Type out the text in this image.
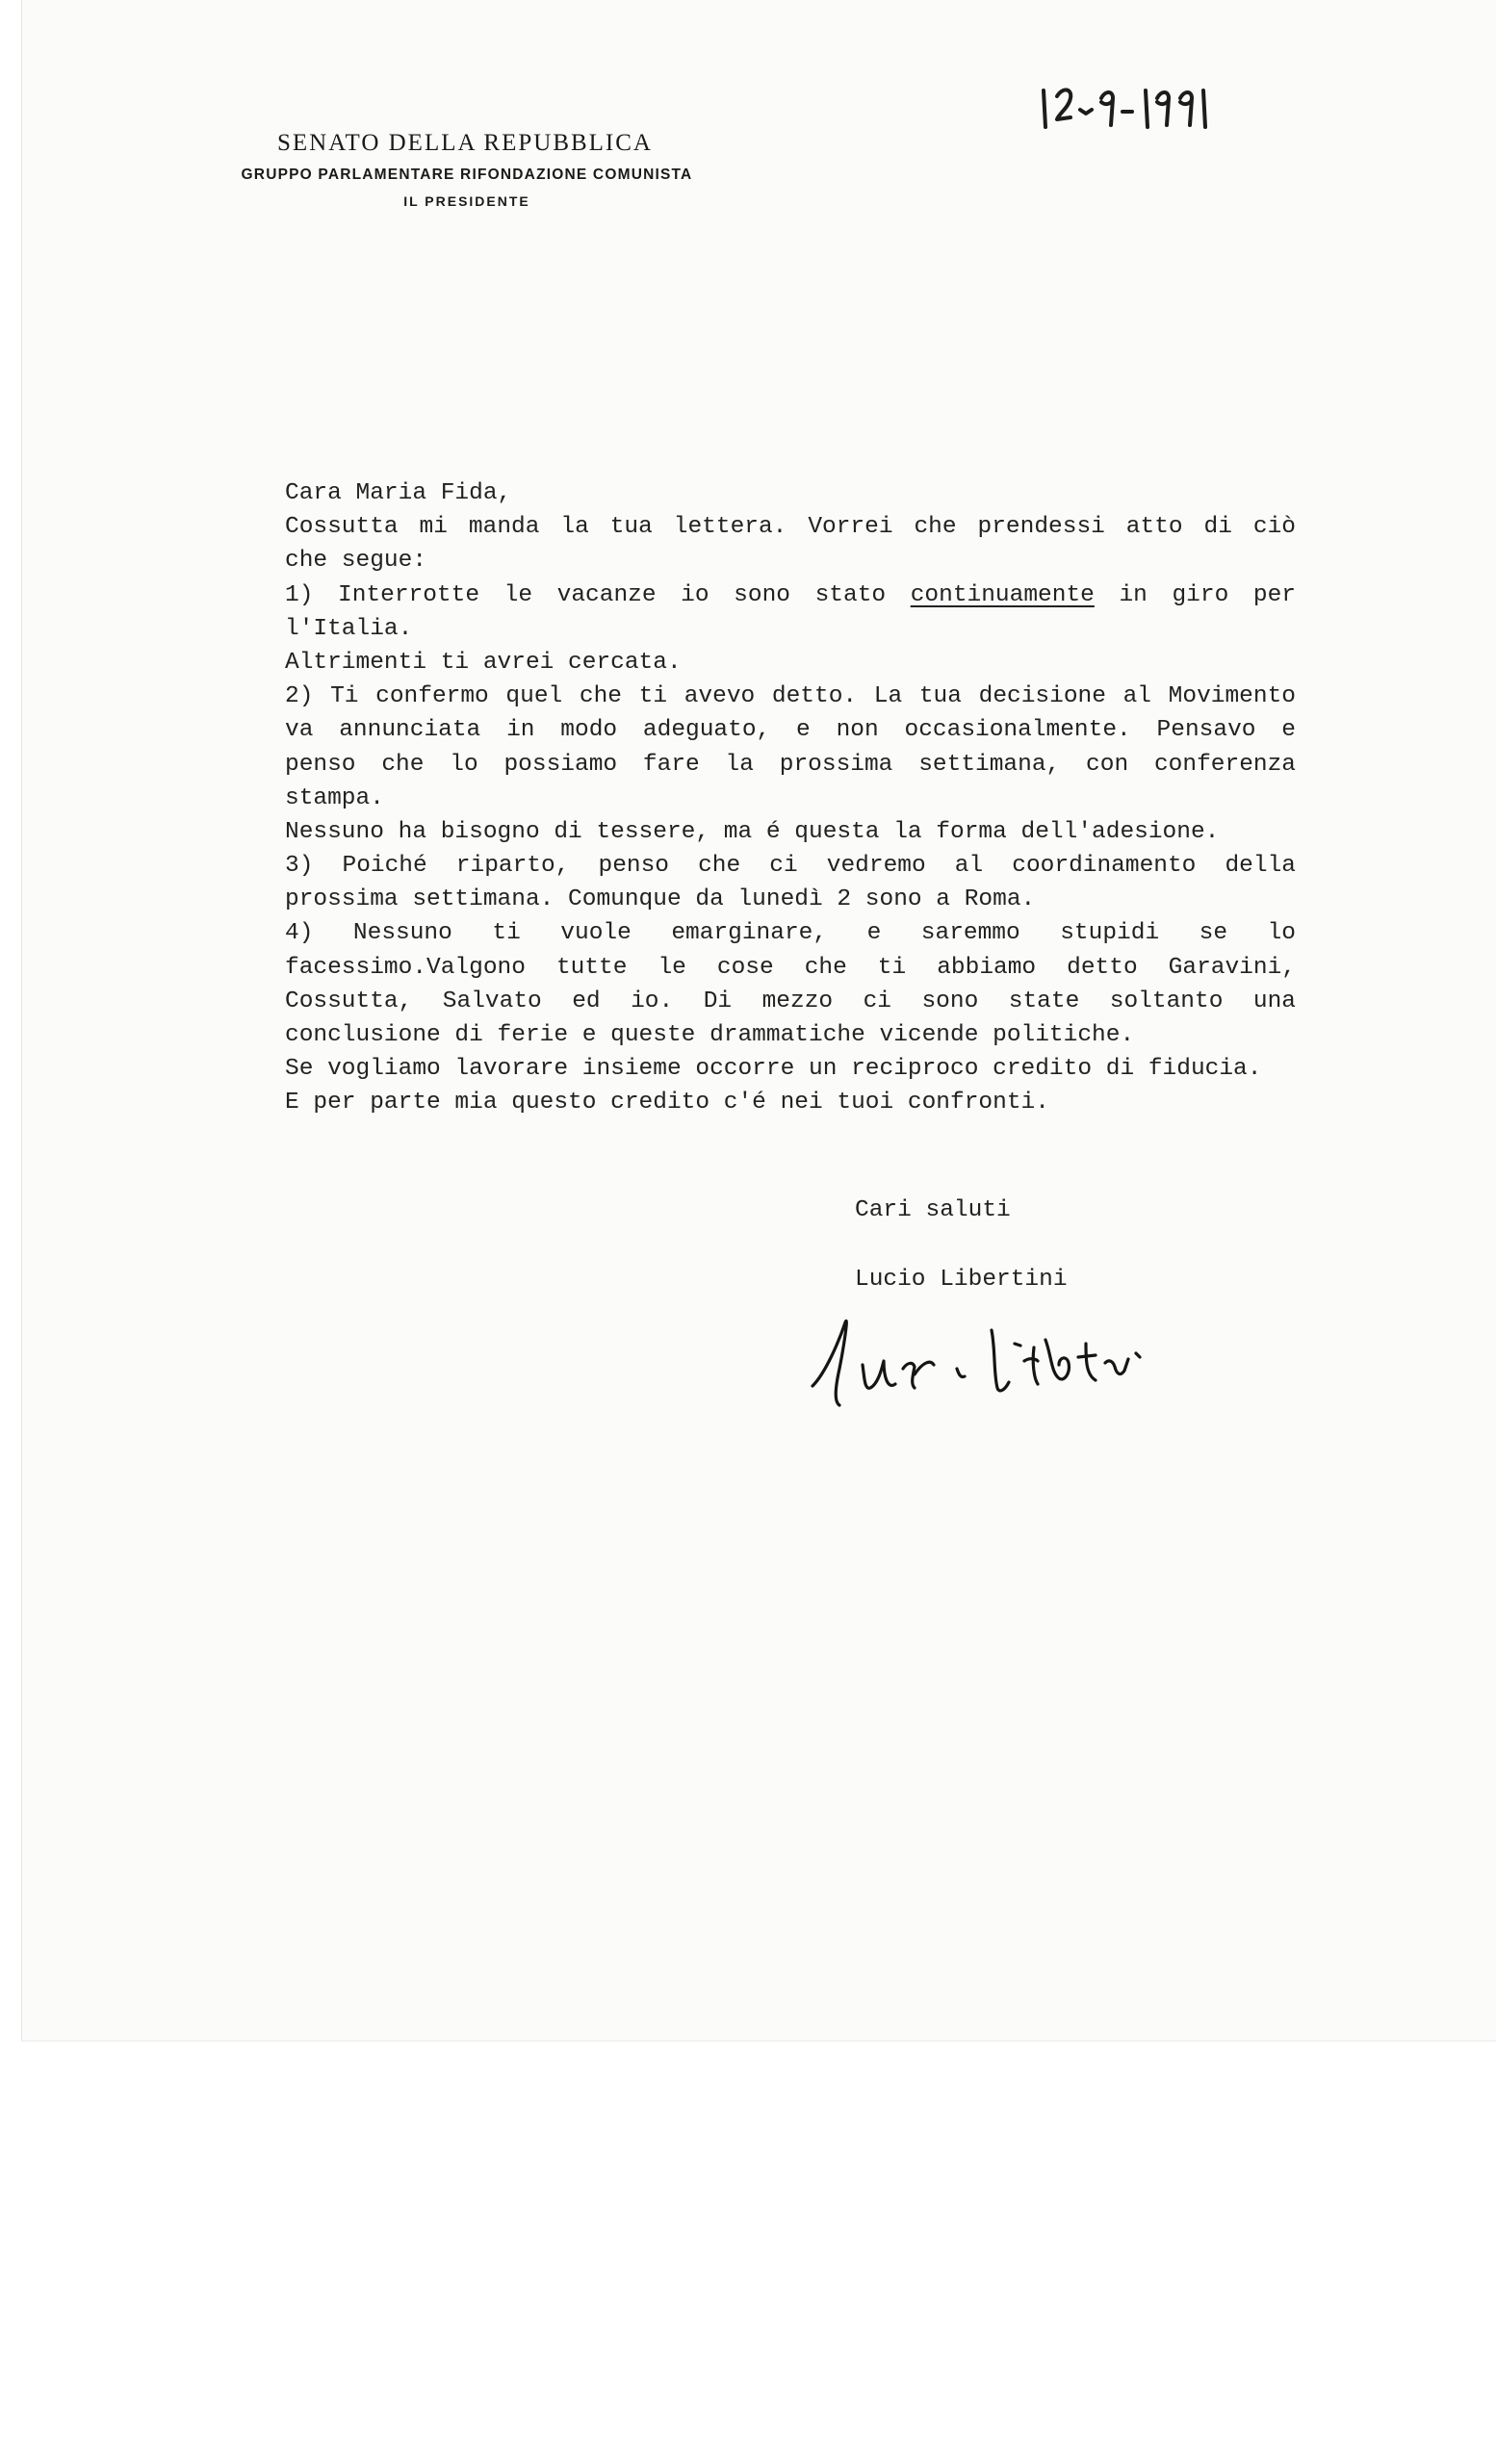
SENATO DELLA REPUBBLICA
GRUPPO PARLAMENTARE RIFONDAZIONE COMUNISTA
IL PRESIDENTE
Cara Maria Fida,
Cossutta mi manda la tua lettera. Vorrei che prendessi atto di ciò
che segue:
1) Interrotte le vacanze io sono stato continuamente in giro per
l'Italia.
Altrimenti ti avrei cercata.
2) Ti confermo quel che ti avevo detto. La tua decisione al Movimento
va annunciata in modo adeguato, e non occasionalmente. Pensavo e
penso che lo possiamo fare la prossima settimana, con conferenza
stampa.
Nessuno ha bisogno di tessere, ma é questa la forma dell'adesione.
3) Poiché riparto, penso che ci vedremo al coordinamento della
prossima settimana. Comunque da lunedì 2 sono a Roma.
4) Nessuno ti vuole emarginare, e saremmo stupidi se lo
facessimo.Valgono tutte le cose che ti abbiamo detto Garavini,
Cossutta, Salvato ed io. Di mezzo ci sono state soltanto una
conclusione di ferie e queste drammatiche vicende politiche.
Se vogliamo lavorare insieme occorre un reciproco credito di fiducia.
E per parte mia questo credito c'é nei tuoi confronti.
Cari saluti
Lucio Libertini
